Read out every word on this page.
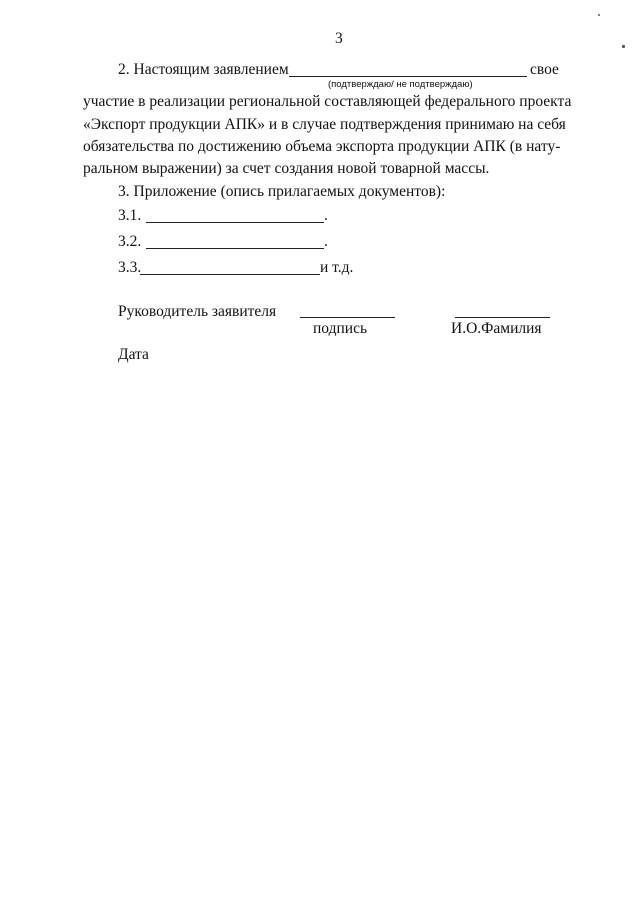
3
2. Настоящим заявлением	свое
(подтверждаю/ не подтверждаю)
участие в реализации региональной составляющей федерального проекта
«Экспорт продукции АПК» и в случае подтверждения принимаю на себя
обязательства по достижению объема экспорта продукции АПК (в нату-
ральном выражении) за счет создания новой товарной массы.
3. Приложение (опись прилагаемых документов):
3.1.	.
3.2.	.
3.3.	и т.д.
Руководитель заявителя
подпись	И.О.Фамилия
Дата
